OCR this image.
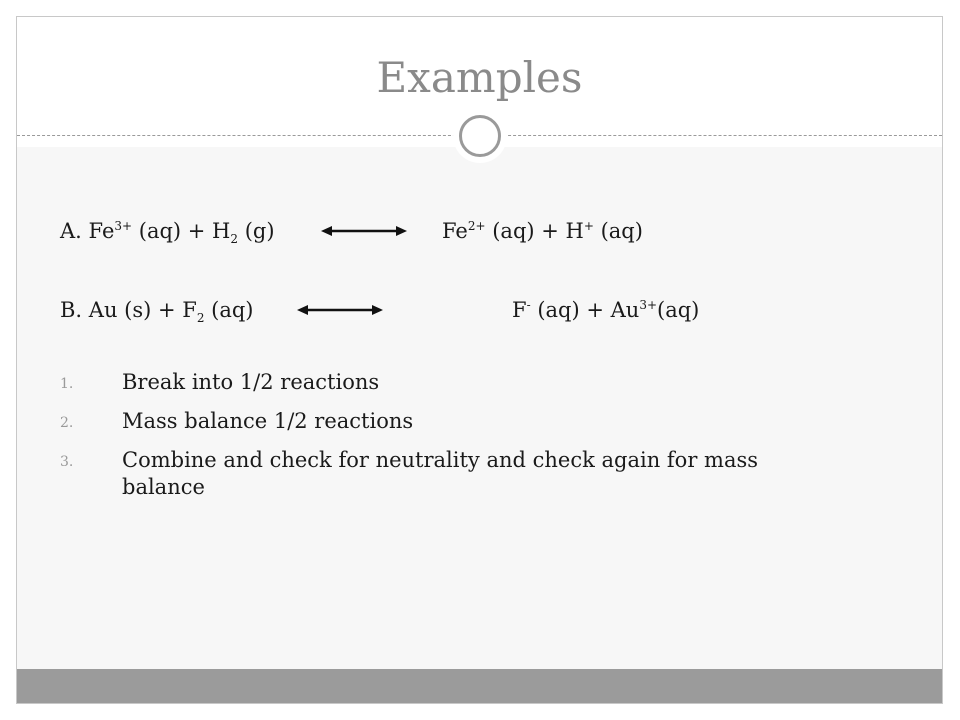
Examples
A. $Fe^{3+}$ $(aq) + H_2$ (g)	$Fe^{2+}$ (aq) + H+ (aq)
B. Au $(s) + F_2$ (aq)	F- $(aq) + Au^{3+}(aq)$
1. Break into 1/2 reactions
2. Mass balance 1/2 reactions
3. Combine and check for neutrality and check again for mass balance
